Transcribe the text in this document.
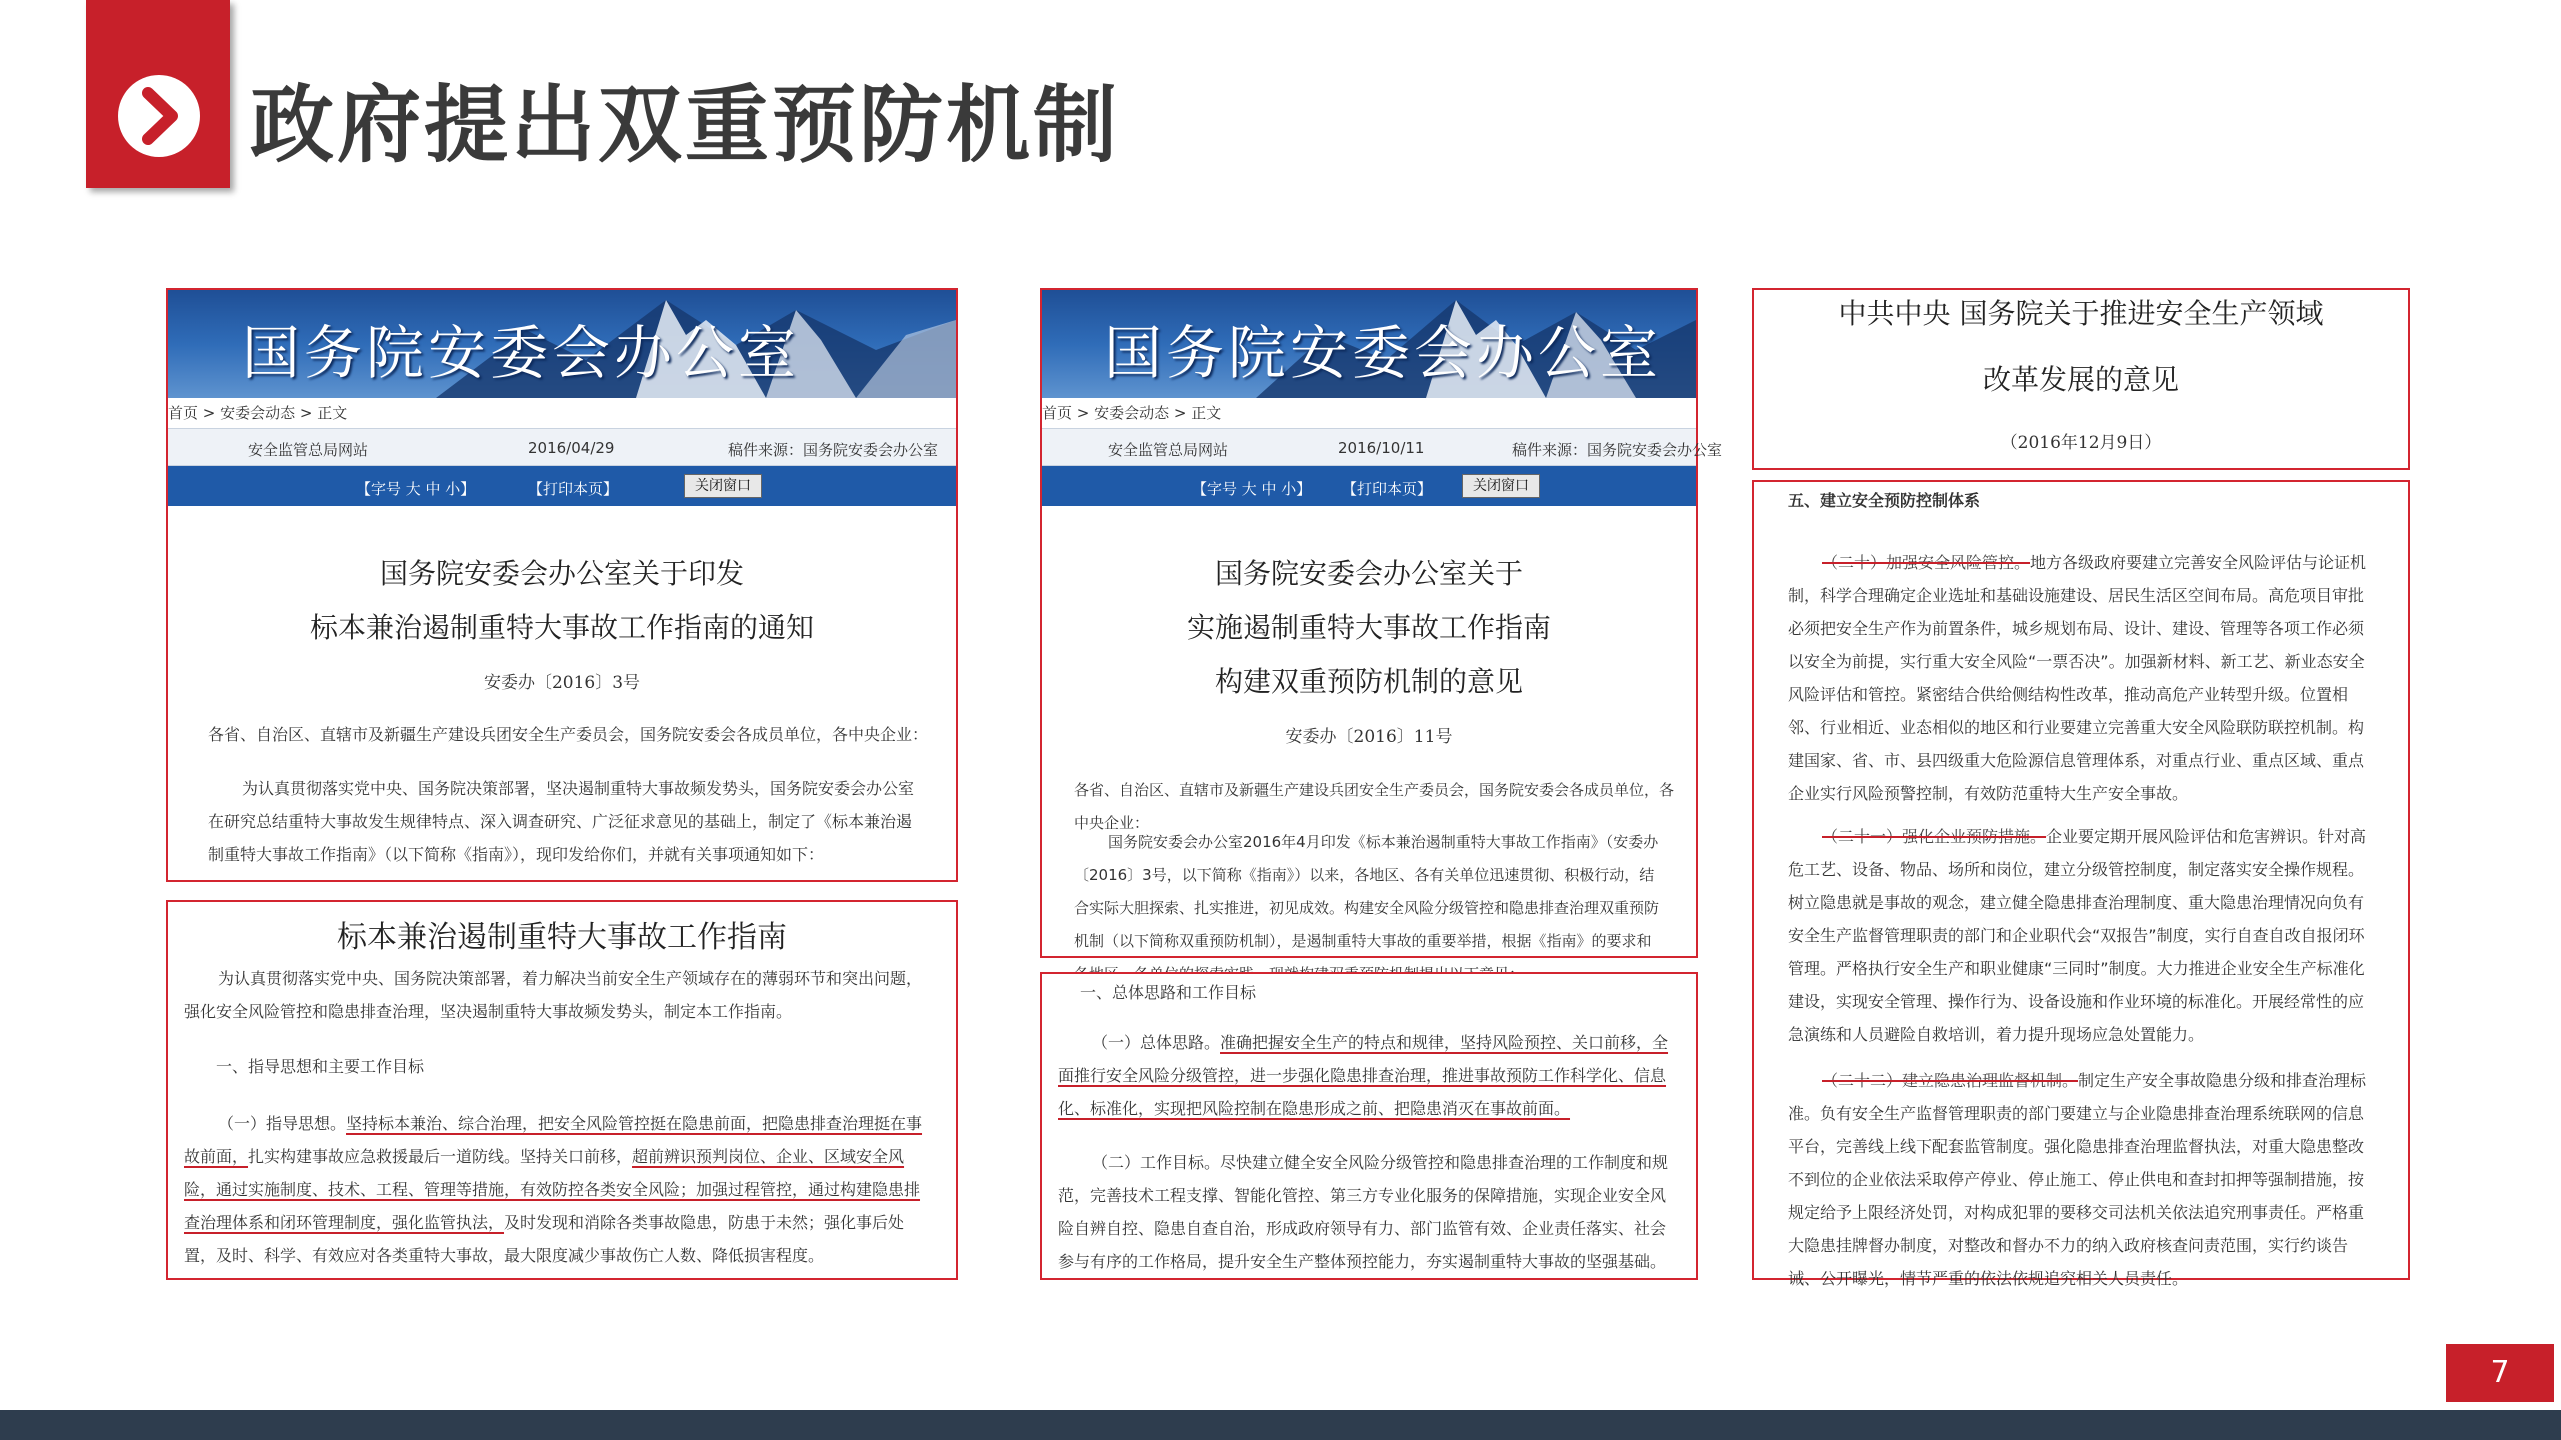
政府提出双重预防机制
国务院安委会办公室
首页 > 安委会动态 > 正文
安全监管总局网站	2016/04/29	稿件来源：国务院安委会办公室
【字号 大 中 小】	【打印本页】	关闭窗口
国务院安委会办公室关于印发
标本兼治遏制重特大事故工作指南的通知
安委办〔2016〕3号
各省、自治区、直辖市及新疆生产建设兵团安全生产委员会，国务院安委会各成员单位，各中央企业：
为认真贯彻落实党中央、国务院决策部署，坚决遏制重特大事故频发势头，国务院安委会办公室在研究总结重特大事故发生规律特点、深入调查研究、广泛征求意见的基础上，制定了《标本兼治遏制重特大事故工作指南》（以下简称《指南》），现印发给你们，并就有关事项通知如下：
标本兼治遏制重特大事故工作指南
为认真贯彻落实党中央、国务院决策部署，着力解决当前安全生产领域存在的薄弱环节和突出问题，强化安全风险管控和隐患排查治理，坚决遏制重特大事故频发势头，制定本工作指南。
一、指导思想和主要工作目标
（一）指导思想。坚持标本兼治、综合治理，把安全风险管控挺在隐患前面，把隐患排查治理挺在事故前面，扎实构建事故应急救援最后一道防线。坚持关口前移，超前辨识预判岗位、企业、区域安全风险，通过实施制度、技术、工程、管理等措施，有效防控各类安全风险；加强过程管控，通过构建隐患排查治理体系和闭环管理制度，强化监管执法，及时发现和消除各类事故隐患，防患于未然；强化事后处置，及时、科学、有效应对各类重特大事故，最大限度减少事故伤亡人数、降低损害程度。
国务院安委会办公室
首页 > 安委会动态 > 正文
安全监管总局网站	2016/10/11	稿件来源：国务院安委会办公室
【字号 大 中 小】 【打印本页】	关闭窗口
国务院安委会办公室关于
实施遏制重特大事故工作指南
构建双重预防机制的意见
安委办〔2016〕11号
各省、自治区、直辖市及新疆生产建设兵团安全生产委员会，国务院安委会各成员单位，各中央企业：
国务院安委会办公室2016年4月印发《标本兼治遏制重特大事故工作指南》（安委办〔2016〕3号，以下简称《指南》）以来，各地区、各有关单位迅速贯彻、积极行动，结合实际大胆探索、扎实推进，初见成效。构建安全风险分级管控和隐患排查治理双重预防机制（以下简称双重预防机制），是遏制重特大事故的重要举措，根据《指南》的要求和
一、总体思路和工作目标
（一）总体思路。准确把握安全生产的特点和规律，坚持风险预控、关口前移，全面推行安全风险分级管控，进一步强化隐患排查治理，推进事故预防工作科学化、信息化、标准化，实现把风险控制在隐患形成之前、把隐患消灭在事故前面。
（二）工作目标。尽快建立健全安全风险分级管控和隐患排查治理的工作制度和规范，完善技术工程支撑、智能化管控、第三方专业化服务的保障措施，实现企业安全风险自辨自控、隐患自查自治，形成政府领导有力、部门监管有效、企业责任落实、社会参与有序的工作格局，提升安全生产整体预控能力，夯实遏制重特大事故的坚强基础。
中共中央 国务院关于推进安全生产领域
改革发展的意见
（2016年12月9日）
五、建立安全预防控制体系
（二十）加强安全风险管控。地方各级政府要建立完善安全风险评估与论证机制，科学合理确定企业选址和基础设施建设、居民生活区空间布局。高危项目审批必须把安全生产作为前置条件，城乡规划布局、设计、建设、管理等各项工作必须以安全为前提，实行重大安全风险“一票否决”。加强新材料、新工艺、新业态安全风险评估和管控。紧密结合供给侧结构性改革，推动高危产业转型升级。位置相邻、行业相近、业态相似的地区和行业要建立完善重大安全风险联防联控机制。构建国家、省、市、县四级重大危险源信息管理体系，对重点行业、重点区域、重点企业实行风险预警控制，有效防范重特大生产安全事故。
（二十一）强化企业预防措施。企业要定期开展风险评估和危害辨识。针对高危工艺、设备、物品、场所和岗位，建立分级管控制度，制定落实安全操作规程。树立隐患就是事故的观念，建立健全隐患排查治理制度、重大隐患治理情况向负有安全生产监督管理职责的部门和企业职代会“双报告”制度，实行自查自改自报闭环管理。严格执行安全生产和职业健康“三同时”制度。大力推进企业安全生产标准化建设，实现安全管理、操作行为、设备设施和作业环境的标准化。开展经常性的应急演练和人员避险自救培训，着力提升现场应急处置能力。
（二十二）建立隐患治理监督机制。制定生产安全事故隐患分级和排查治理标准。负有安全生产监督管理职责的部门要建立与企业隐患排查治理系统联网的信息平台，完善线上线下配套监管制度。强化隐患排查治理监督执法，对重大隐患整改不到位的企业依法采取停产停业、停止施工、停止供电和查封扣押等强制措施，按规定给予上限经济处罚，对构成犯罪的要移交司法机关依法追究刑事责任。严格重大隐患挂牌督办制度，对整改和督办不力的纳入政府核查问责范围，实行约谈告诫、公开曝光，情节严重的依法依规追究相关人员责任。
7
